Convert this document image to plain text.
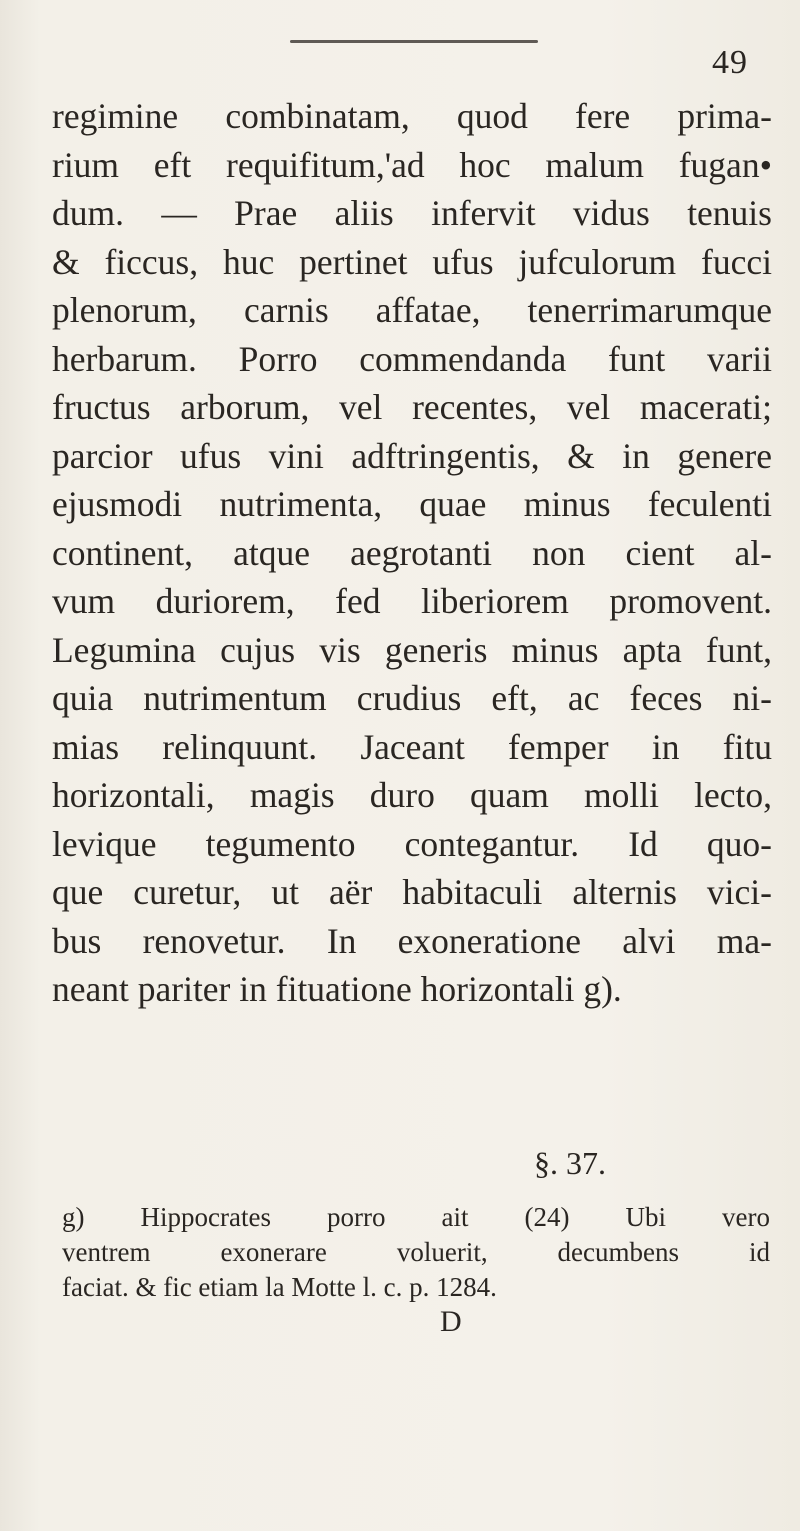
49
regimine combinatam, quod fere prima-
rium eft requifitum,'ad hoc malum fugan•
dum. — Prae aliis infervit vidus tenuis
& ficcus, huc pertinet ufus jufculorum fucci
plenorum, carnis affatae, tenerrimarumque
herbarum. Porro commendanda funt varii
fructus arborum, vel recentes, vel macerati;
parcior ufus vini adftringentis, & in genere
ejusmodi nutrimenta, quae minus feculenti
continent, atque aegrotanti non cient al-
vum duriorem, fed liberiorem promovent.
Legumina cujus vis generis minus apta funt,
quia nutrimentum crudius eft, ac feces ni-
mias relinquunt. Jaceant femper in fitu
horizontali, magis duro quam molli lecto,
levique tegumento contegantur. Id quo-
que curetur, ut aër habitaculi alternis vici-
bus renovetur. In exoneratione alvi ma-
neant pariter in fituatione horizontali g).
§. 37.
g) Hippocrates porro ait (24) Ubi vero
ventrem exonerare voluerit, decumbens id
faciat. & fic etiam la Motte l. c. p. 1284.
D
